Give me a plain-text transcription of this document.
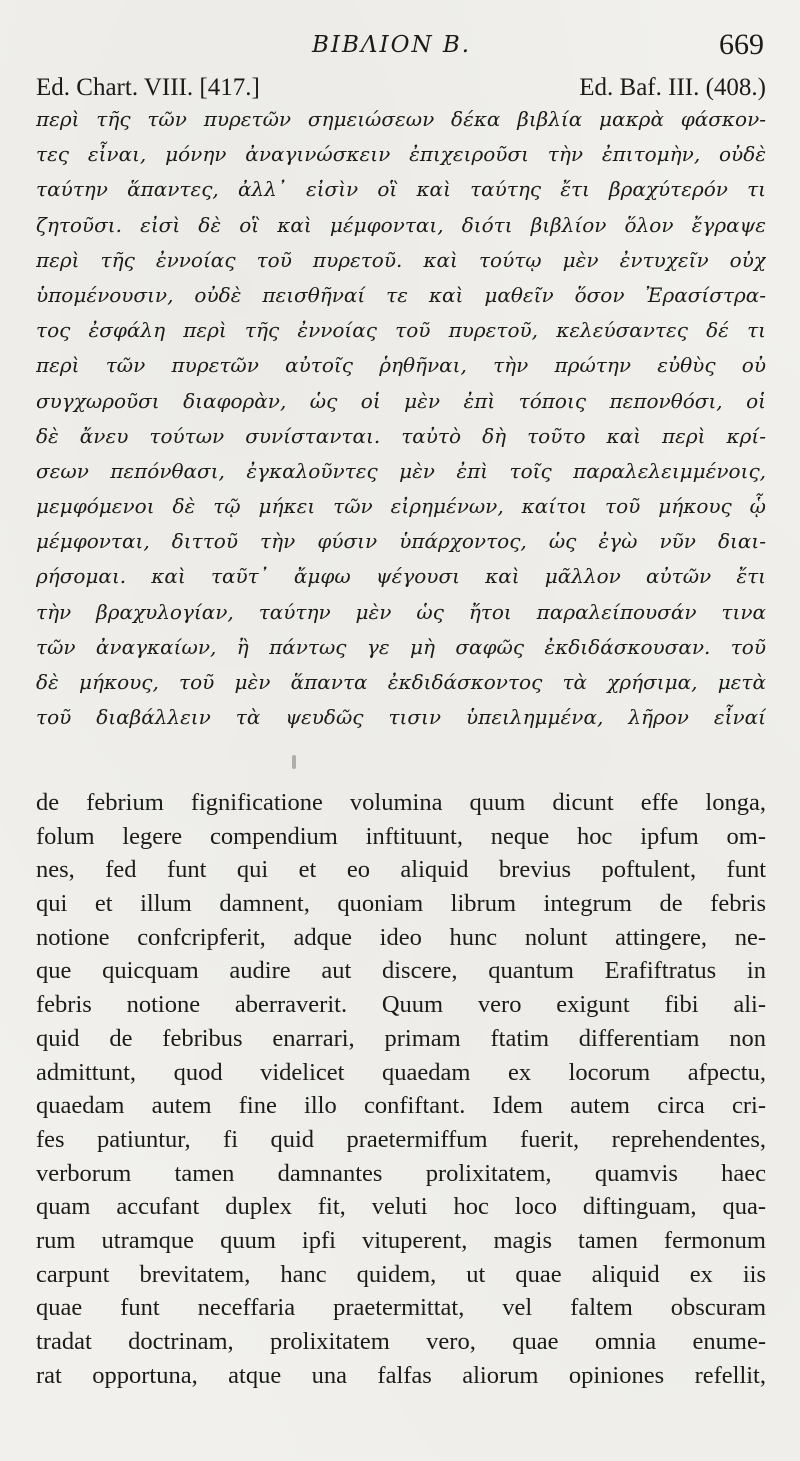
ΒΙΒΛΙΟΝ Β.	669
Ed. Chart. VIII. [417.]	Ed. Baf. III. (408.)
περὶ τῆς τῶν πυρετῶν σημειώσεων δέκα βιβλία μακρὰ φάσκον-
τες εἶναι, μόνην ἀναγινώσκειν ἐπιχειροῦσι τὴν ἐπιτομὴν, οὐδὲ
ταύτην ἅπαντες, ἀλλ᾽ εἰσὶν οἳ καὶ ταύτης ἔτι βραχύτερόν τι
ζητοῦσι. εἰσὶ δὲ οἳ καὶ μέμφονται, διότι βιβλίον ὅλον ἔγραψε
περὶ τῆς ἐννοίας τοῦ πυρετοῦ. καὶ τούτῳ μὲν ἐντυχεῖν οὐχ
ὑπομένουσιν, οὐδὲ πεισθῆναί τε καὶ μαθεῖν ὅσον Ἐρασίστρα-
τος ἐσφάλη περὶ τῆς ἐννοίας τοῦ πυρετοῦ, κελεύσαντες δέ τι
περὶ τῶν πυρετῶν αὐτοῖς ῥηθῆναι, τὴν πρώτην εὐθὺς οὐ
συγχωροῦσι διαφορὰν, ὡς οἱ μὲν ἐπὶ τόποις πεπονθόσι, οἱ
δὲ ἄνευ τούτων συνίστανται. ταὐτὸ δὴ τοῦτο καὶ περὶ κρί-
σεων πεπόνθασι, ἐγκαλοῦντες μὲν ἐπὶ τοῖς παραλελειμμένοις,
μεμφόμενοι δὲ τῷ μήκει τῶν εἰρημένων, καίτοι τοῦ μήκους ᾧ
μέμφονται, διττοῦ τὴν φύσιν ὑπάρχοντος, ὡς ἐγὼ νῦν διαι-
ρήσομαι. καὶ ταῦτ᾽ ἄμφω ψέγουσι καὶ μᾶλλον αὐτῶν ἔτι
τὴν βραχυλογίαν, ταύτην μὲν ὡς ἤτοι παραλείπουσάν τινα
τῶν ἀναγκαίων, ἢ πάντως γε μὴ σαφῶς ἐκδιδάσκουσαν. τοῦ
δὲ μήκους, τοῦ μὲν ἅπαντα ἐκδιδάσκοντος τὰ χρήσιμα, μετὰ
τοῦ διαβάλλειν τὰ ψευδῶς τισιν ὑπειλημμένα, λῆρον εἶναί
de febrium fignificatione volumina quum dicunt effe longa,
folum legere compendium inftituunt, neque hoc ipfum om-
nes, fed funt qui et eo aliquid brevius poftulent, funt
qui et illum damnent, quoniam librum integrum de febris
notione confcripferit, adque ideo hunc nolunt attingere, ne-
que quicquam audire aut discere, quantum Erafiftratus in
febris notione aberraverit. Quum vero exigunt fibi ali-
quid de febribus enarrari, primam ftatim differentiam non
admittunt, quod videlicet quaedam ex locorum afpectu,
quaedam autem fine illo confiftant. Idem autem circa cri-
fes patiuntur, fi quid praetermiffum fuerit, reprehendentes,
verborum tamen damnantes prolixitatem, quamvis haec
quam accufant duplex fit, veluti hoc loco diftinguam, qua-
rum utramque quum ipfi vituperent, magis tamen fermonum
carpunt brevitatem, hanc quidem, ut quae aliquid ex iis
quae funt neceffaria praetermittat, vel faltem obscuram
tradat doctrinam, prolixitatem vero, quae omnia enume-
rat opportuna, atque una falfas aliorum opiniones refellit,
